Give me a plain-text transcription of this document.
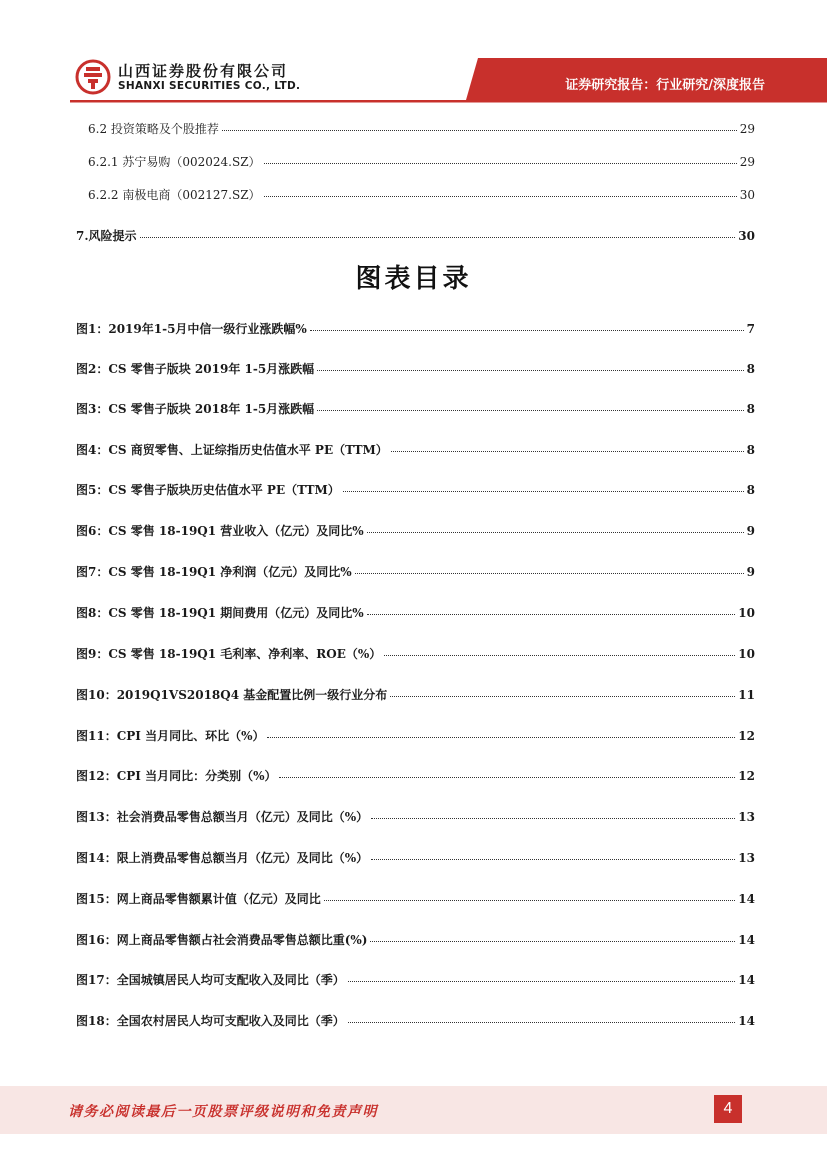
山西证券股份有限公司
SHANXI SECURITIES CO., LTD.	证券研究报告：行业研究/深度报告
6.2 投资策略及个股推荐	29
6.2.1 苏宁易购（002024.SZ）	29
6.2.2 南极电商（002127.SZ）	30
7.风险提示	30
图表目录
图1：2019年1-5月中信一级行业涨跌幅%	7
图2：CS 零售子版块 2019年 1-5月涨跌幅	8
图3：CS 零售子版块 2018年 1-5月涨跌幅	8
图4：CS 商贸零售、上证综指历史估值水平 PE（TTM）	8
图5：CS 零售子版块历史估值水平 PE（TTM）	8
图6：CS 零售 18-19Q1 营业收入（亿元）及同比%	9
图7：CS 零售 18-19Q1 净利润（亿元）及同比%	9
图8：CS 零售 18-19Q1 期间费用（亿元）及同比%	10
图9：CS 零售 18-19Q1 毛利率、净利率、ROE（%）	10
图10：2019Q1VS2018Q4 基金配置比例一级行业分布	11
图11：CPI 当月同比、环比（%）	12
图12：CPI 当月同比：分类别（%）	12
图13：社会消费品零售总额当月（亿元）及同比（%）	13
图14：限上消费品零售总额当月（亿元）及同比（%）	13
图15：网上商品零售额累计值（亿元）及同比	14
图16：网上商品零售额占社会消费品零售总额比重(%)	14
图17：全国城镇居民人均可支配收入及同比（季）	14
图18：全国农村居民人均可支配收入及同比（季）	14
请务必阅读最后一页股票评级说明和免责声明	4
